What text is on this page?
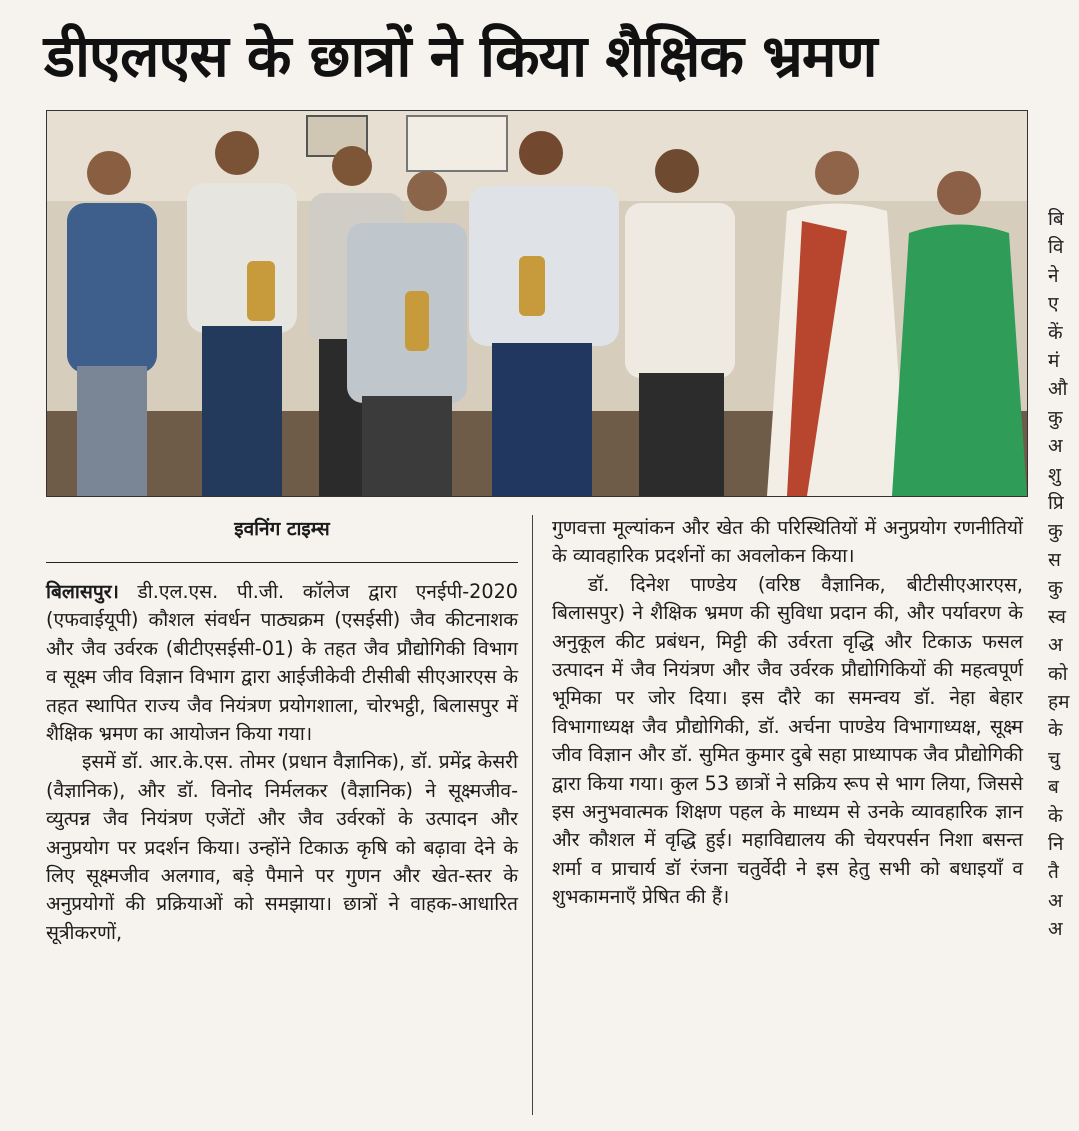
डीएलएस के छात्रों ने किया शैक्षिक भ्रमण
इवनिंग टाइम्स

बिलासपुर। डी.एल.एस. पी.जी. कॉलेज द्वारा एनईपी-2020 (एफवाईयूपी) कौशल संवर्धन पाठ्यक्रम (एसईसी) जैव कीटनाशक और जैव उर्वरक (बीटीएसईसी-01) के तहत जैव प्रौद्योगिकी विभाग व सूक्ष्म जीव विज्ञान विभाग द्वारा आईजीकेवी टीसीबी सीएआरएस के तहत स्थापित राज्य जैव नियंत्रण प्रयोगशाला, चोरभट्ठी, बिलासपुर में शैक्षिक भ्रमण का आयोजन किया गया।

इसमें डॉ. आर.के.एस. तोमर (प्रधान वैज्ञानिक), डॉ. प्रमेंद्र केसरी (वैज्ञानिक), और डॉ. विनोद निर्मलकर (वैज्ञानिक) ने सूक्ष्मजीव-व्युत्पन्न जैव नियंत्रण एजेंटों और जैव उर्वरकों के उत्पादन और अनुप्रयोग पर प्रदर्शन किया। उन्होंने टिकाऊ कृषि को बढ़ावा देने के लिए सूक्ष्मजीव अलगाव, बड़े पैमाने पर गुणन और खेत-स्तर के अनुप्रयोगों की प्रक्रियाओं को समझाया। छात्रों ने वाहक-आधारित सूत्रीकरणों,

गुणवत्ता मूल्यांकन और खेत की परिस्थितियों में अनुप्रयोग रणनीतियों के व्यावहारिक प्रदर्शनों का अवलोकन किया।

डॉ. दिनेश पाण्डेय (वरिष्ठ वैज्ञानिक, बीटीसीएआरएस, बिलासपुर) ने शैक्षिक भ्रमण की सुविधा प्रदान की, और पर्यावरण के अनुकूल कीट प्रबंधन, मिट्टी की उर्वरता वृद्धि और टिकाऊ फसल उत्पादन में जैव नियंत्रण और जैव उर्वरक प्रौद्योगिकियों की महत्वपूर्ण भूमिका पर जोर दिया। इस दौरे का समन्वय डॉ. नेहा बेहार विभागाध्यक्ष जैव प्रौद्योगिकी, डॉ. अर्चना पाण्डेय विभागाध्यक्ष, सूक्ष्म जीव विज्ञान और डॉ. सुमित कुमार दुबे सहा प्राध्यापक जैव प्रौद्योगिकी द्वारा किया गया। कुल 53 छात्रों ने सक्रिय रूप से भाग लिया, जिससे इस अनुभवात्मक शिक्षण पहल के माध्यम से उनके व्यावहारिक ज्ञान और कौशल में वृद्धि हुई। महाविद्यालय की चेयरपर्सन निशा बसन्त शर्मा व प्राचार्य डॉ रंजना चतुर्वेदी ने इस हेतु सभी को बधाइयाँ व शुभकामनाएँ प्रेषित की हैं।

बि
वि
ने
ए
कें
मं
औ
कु
अ
शु
प्रि
कु
स
कु
स्व
अ
को
हम
के
चु
ब
के
नि
तै
अ
अ
